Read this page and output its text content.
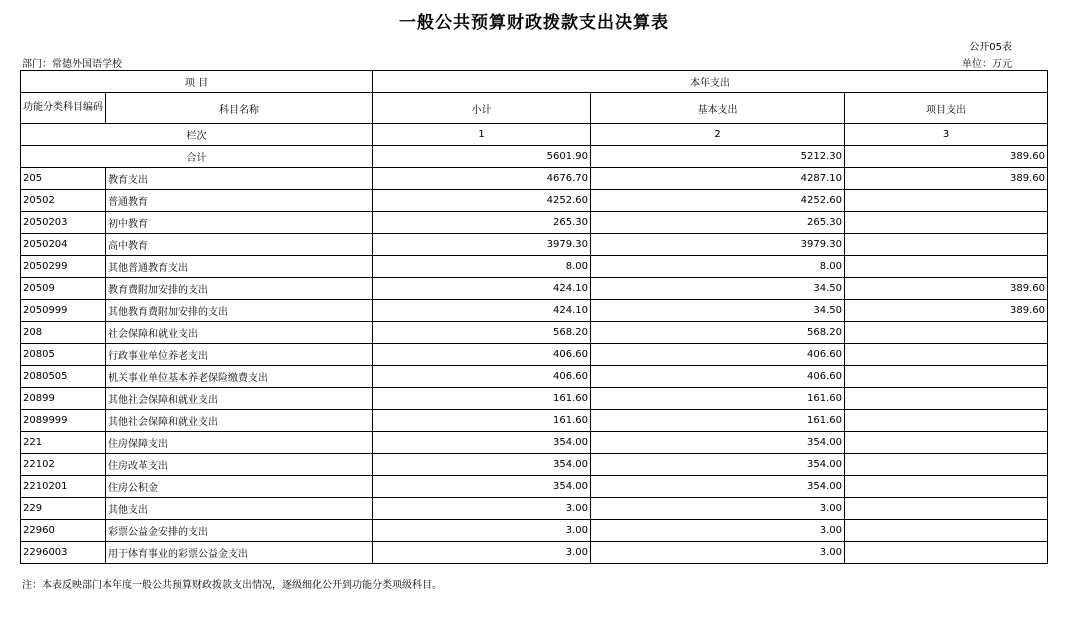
一般公共预算财政拨款支出决算表
公开05表
部门：常德外国语学校	单位：万元
项 目		本年支出		
功能分类科目编码	科目名称	小计	基本支出	项目支出
栏次		1	2	3
合计		5601.90	5212.30	389.60
205	教育支出	4676.70	4287.10	389.60
20502	普通教育	4252.60	4252.60	
2050203	初中教育	265.30	265.30	
2050204	高中教育	3979.30	3979.30	
2050299	其他普通教育支出	8.00	8.00	
20509	教育费附加安排的支出	424.10	34.50	389.60
2050999	其他教育费附加安排的支出	424.10	34.50	389.60
208	社会保障和就业支出	568.20	568.20	
20805	行政事业单位养老支出	406.60	406.60	
2080505	机关事业单位基本养老保险缴费支出	406.60	406.60	
20899	其他社会保障和就业支出	161.60	161.60	
2089999	其他社会保障和就业支出	161.60	161.60	
221	住房保障支出	354.00	354.00	
22102	住房改革支出	354.00	354.00	
2210201	住房公积金	354.00	354.00	
229	其他支出	3.00	3.00	
22960	彩票公益金安排的支出	3.00	3.00	
2296003	用于体育事业的彩票公益金支出	3.00	3.00	
注：本表反映部门本年度一般公共预算财政拨款支出情况，逐级细化公开到功能分类项级科目。
